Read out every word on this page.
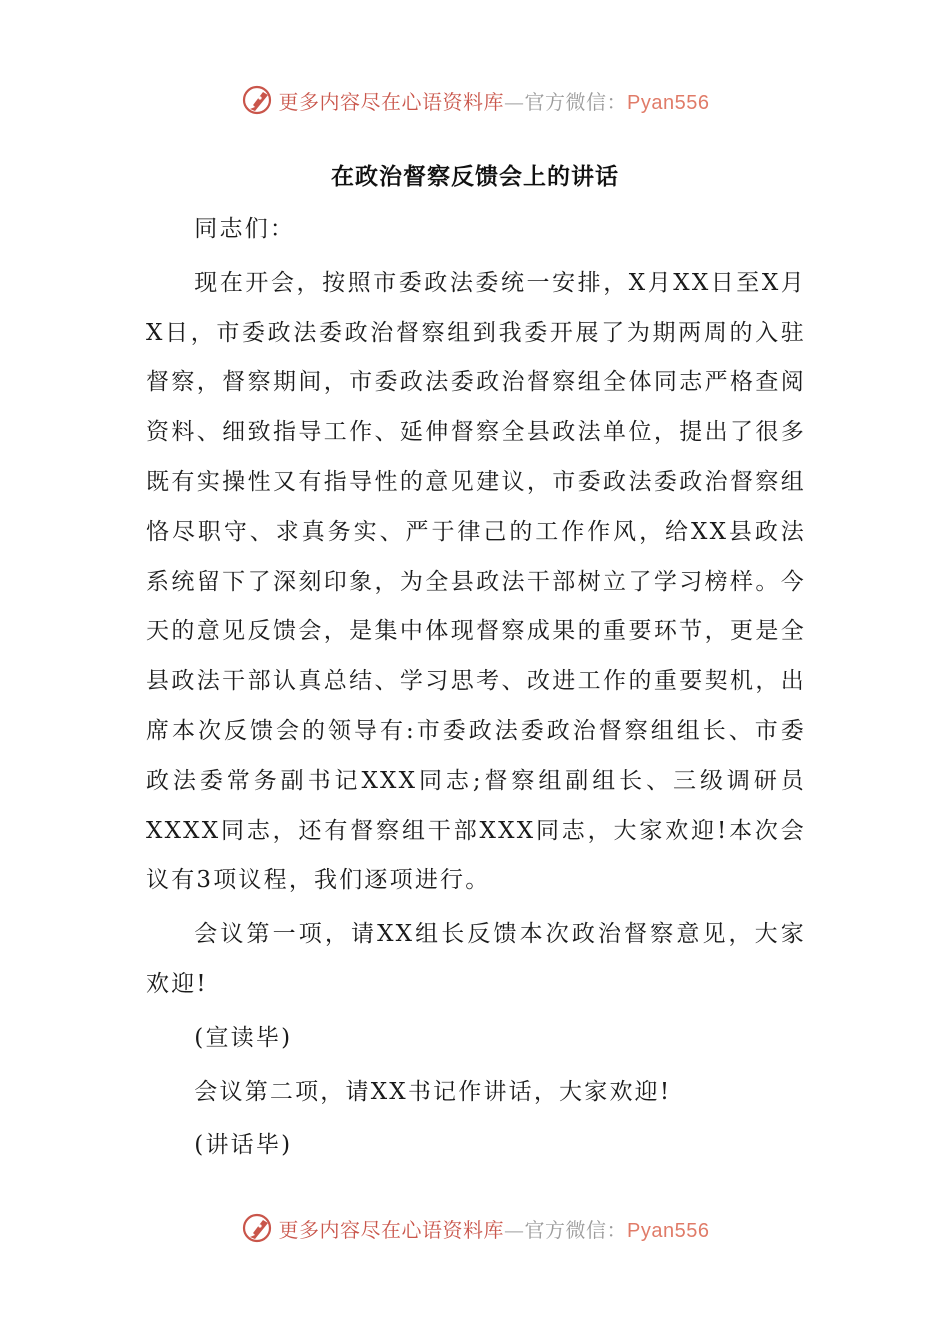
更多内容尽在心语资料库—官方微信：Pyan556
在政治督察反馈会上的讲话

同志们：

现在开会，按照市委政法委统一安排，X月XX日至X月X日，市委政法委政治督察组到我委开展了为期两周的入驻督察，督察期间，市委政法委政治督察组全体同志严格查阅资料、细致指导工作、延伸督察全县政法单位，提出了很多既有实操性又有指导性的意见建议，市委政法委政治督察组恪尽职守、求真务实、严于律己的工作作风，给XX县政法系统留下了深刻印象，为全县政法干部树立了学习榜样。今天的意见反馈会，是集中体现督察成果的重要环节，更是全县政法干部认真总结、学习思考、改进工作的重要契机，出席本次反馈会的领导有:市委政法委政治督察组组长、市委政法委常务副书记XXX同志;督察组副组长、三级调研员XXXX同志，还有督察组干部XXX同志，大家欢迎!本次会议有3项议程，我们逐项进行。

会议第一项，请XX组长反馈本次政治督察意见，大家欢迎!

(宣读毕)

会议第二项，请XX书记作讲话，大家欢迎!

(讲话毕)

更多内容尽在心语资料库—官方微信：Pyan556
